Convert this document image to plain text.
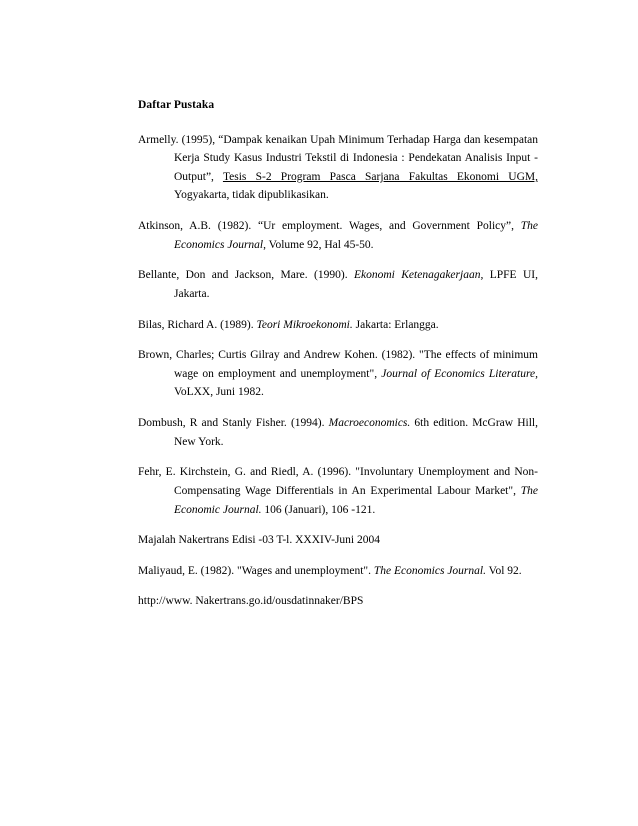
Daftar Pustaka
Armelly. (1995), “Dampak kenaikan Upah Minimum Terhadap Harga dan kesempatan Kerja Study Kasus Industri Tekstil di Indonesia : Pendekatan Analisis Input -Output”, Tesis S-2 Program Pasca Sarjana Fakultas Ekonomi UGM, Yogyakarta, tidak dipublikasikan.
Atkinson, A.B. (1982). “Ur employment. Wages, and Government Policy”, The Economics Journal, Volume 92, Hal 45-50.
Bellante, Don and Jackson, Mare. (1990). Ekonomi Ketenagakerjaan, LPFE UI, Jakarta.
Bilas, Richard A. (1989). Teori Mikroekonomi. Jakarta: Erlangga.
Brown, Charles; Curtis Gilray and Andrew Kohen. (1982). "The effects of minimum wage on employment and unemployment", Journal of Economics Literature, VoLXX, Juni 1982.
Dombush, R and Stanly Fisher. (1994). Macroeconomics. 6th edition. McGraw Hill, New York.
Fehr, E. Kirchstein, G. and Riedl, A. (1996). "Involuntary Unemployment and Non-Compensating Wage Differentials in An Experimental Labour Market", The Economic Journal. 106 (Januari), 106 -121.
Majalah Nakertrans Edisi -03 T-l. XXXIV-Juni 2004
Maliyaud, E. (1982). "Wages and unemployment". The Economics Journal. Vol 92.
http://www. Nakertrans.go.id/ousdatinnaker/BPS
